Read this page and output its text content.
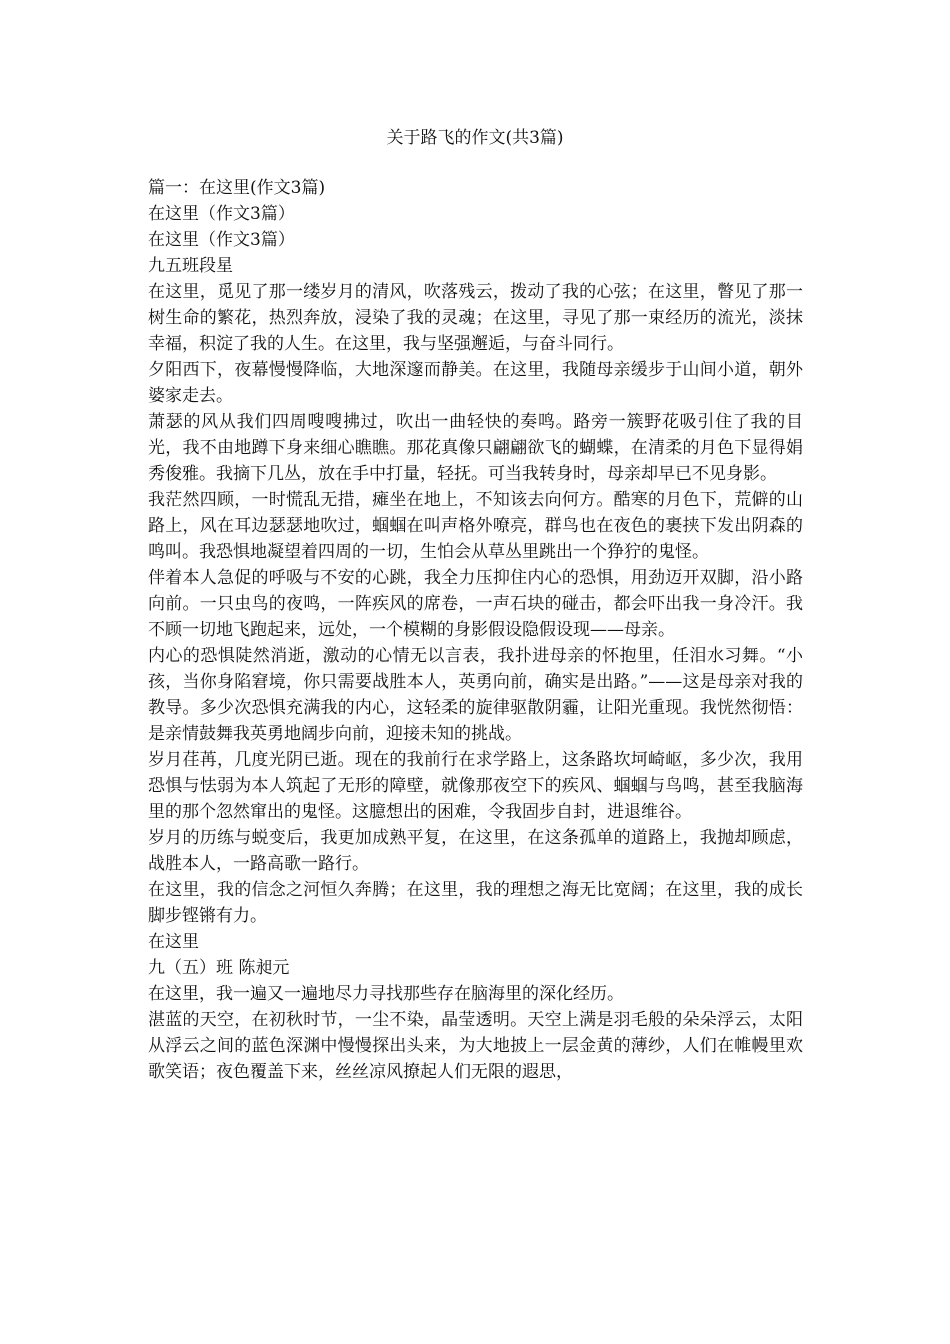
关于路飞的作文(共3篇)

篇一：在这里(作文3篇)

在这里（作文3篇）

在这里（作文3篇）

九五班段星

在这里，觅见了那一缕岁月的清风，吹落残云，拨动了我的心弦；在这里，瞥见了那一树生命的繁花，热烈奔放，浸染了我的灵魂；在这里，寻见了那一束经历的流光，淡抹幸福，积淀了我的人生。在这里，我与坚强邂逅，与奋斗同行。

夕阳西下，夜幕慢慢降临，大地深邃而静美。在这里，我随母亲缓步于山间小道，朝外婆家走去。

萧瑟的风从我们四周嗖嗖拂过，吹出一曲轻快的奏鸣。路旁一簇野花吸引住了我的目光，我不由地蹲下身来细心瞧瞧。那花真像只翩翩欲飞的蝴蝶，在清柔的月色下显得娟秀俊雅。我摘下几丛，放在手中打量，轻抚。可当我转身时，母亲却早已不见身影。

我茫然四顾，一时慌乱无措，瘫坐在地上，不知该去向何方。酷寒的月色下，荒僻的山路上，风在耳边瑟瑟地吹过，蝈蝈在叫声格外嘹亮，群鸟也在夜色的裹挟下发出阴森的鸣叫。我恐惧地凝望着四周的一切，生怕会从草丛里跳出一个狰狞的鬼怪。

伴着本人急促的呼吸与不安的心跳，我全力压抑住内心的恐惧，用劲迈开双脚，沿小路向前。一只虫鸟的夜鸣，一阵疾风的席卷，一声石块的碰击，都会吓出我一身冷汗。我不顾一切地飞跑起来，远处，一个模糊的身影假设隐假设现——母亲。

内心的恐惧陡然消逝，激动的心情无以言表，我扑进母亲的怀抱里，任泪水习舞。“小孩，当你身陷窘境，你只需要战胜本人，英勇向前，确实是出路。”——这是母亲对我的教导。多少次恐惧充满我的内心，这轻柔的旋律驱散阴霾，让阳光重现。我恍然彻悟：是亲情鼓舞我英勇地阔步向前，迎接未知的挑战。

岁月荏苒，几度光阴已逝。现在的我前行在求学路上，这条路坎坷崎岖，多少次，我用恐惧与怯弱为本人筑起了无形的障壁，就像那夜空下的疾风、蝈蝈与鸟鸣，甚至我脑海里的那个忽然窜出的鬼怪。这臆想出的困难，令我固步自封，进退维谷。

岁月的历练与蜕变后，我更加成熟平复，在这里，在这条孤单的道路上，我抛却顾虑，战胜本人，一路高歌一路行。

在这里，我的信念之河恒久奔腾；在这里，我的理想之海无比宽阔；在这里，我的成长脚步铿锵有力。

在这里

九（五）班 陈昶元

在这里，我一遍又一遍地尽力寻找那些存在脑海里的深化经历。

湛蓝的天空，在初秋时节，一尘不染，晶莹透明。天空上满是羽毛般的朵朵浮云，太阳从浮云之间的蓝色深渊中慢慢探出头来，为大地披上一层金黄的薄纱，人们在帷幔里欢歌笑语；夜色覆盖下来，丝丝凉风撩起人们无限的遐思，
